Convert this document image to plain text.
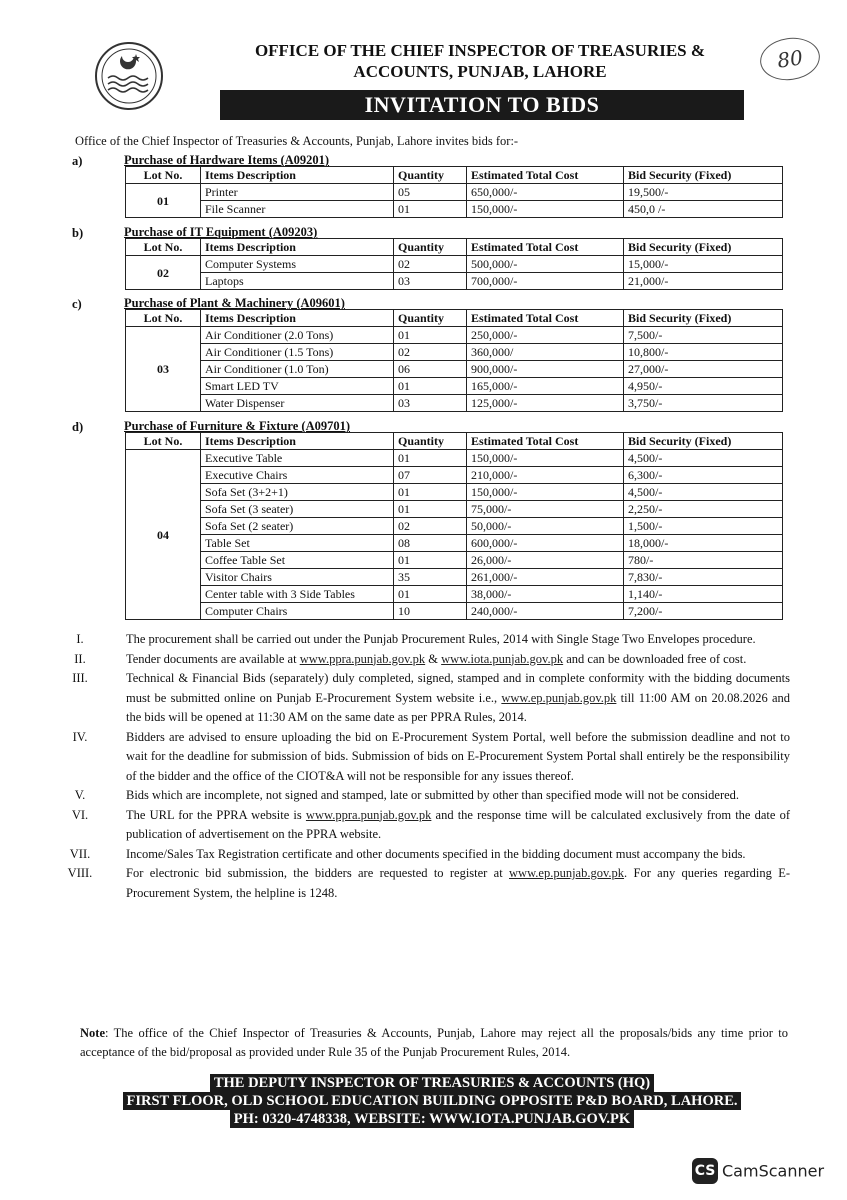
OFFICE OF THE CHIEF INSPECTOR OF TREASURIES &
ACCOUNTS, PUNJAB, LAHORE	80
INVITATION TO BIDS
Office of the Chief Inspector of Treasuries & Accounts, Punjab, Lahore invites bids for:-
a)	Purchase of Hardware Items (A09201)
Lot No.	Items Description	Quantity	Estimated Total Cost	Bid Security (Fixed)
01	Printer	05	650,000/-	19,500/-
	File Scanner	01	150,000/-	450,0 /-
b)	Purchase of IT Equipment (A09203)
Lot No.	Items Description	Quantity	Estimated Total Cost	Bid Security (Fixed)
02	Computer Systems	02	500,000/-	15,000/-
	Laptops	03	700,000/-	21,000/-
c)	Purchase of Plant & Machinery (A09601)
Lot No.	Items Description	Quantity	Estimated Total Cost	Bid Security (Fixed)
03	Air Conditioner (2.0 Tons)	01	250,000/-	7,500/-
	Air Conditioner (1.5 Tons)	02	360,000/	10,800/-
	Air Conditioner (1.0 Ton)	06	900,000/-	27,000/-
	Smart LED TV	01	165,000/-	4,950/-
	Water Dispenser	03	125,000/-	3,750/-
d)	Purchase of Furniture & Fixture (A09701)
Lot No.	Items Description	Quantity	Estimated Total Cost	Bid Security (Fixed)
04	Executive Table	01	150,000/-	4,500/-
	Executive Chairs	07	210,000/-	6,300/-
	Sofa Set (3+2+1)	01	150,000/-	4,500/-
	Sofa Set (3 seater)	01	75,000/-	2,250/-
	Sofa Set (2 seater)	02	50,000/-	1,500/-
	Table Set	08	600,000/-	18,000/-
	Coffee Table Set	01	26,000/-	780/-
	Visitor Chairs	35	261,000/-	7,830/-
	Center table with 3 Side Tables	01	38,000/-	1,140/-
	Computer Chairs	10	240,000/-	7,200/-
I.	The procurement shall be carried out under the Punjab Procurement Rules, 2014 with Single Stage Two Envelopes procedure.
II.	Tender documents are available at www.ppra.punjab.gov.pk & www.iota.punjab.gov.pk and can be downloaded free of cost.
III.	Technical & Financial Bids (separately) duly completed, signed, stamped and in complete conformity with the bidding documents must be submitted online on Punjab E-Procurement System website i.e., www.ep.punjab.gov.pk till 11:00 AM on 20.08.2026 and the bids will be opened at 11:30 AM on the same date as per PPRA Rules, 2014.
IV.	Bidders are advised to ensure uploading the bid on E-Procurement System Portal, well before the submission deadline and not to wait for the deadline for submission of bids. Submission of bids on E-Procurement System Portal shall entirely be the responsibility of the bidder and the office of the CIOT&A will not be responsible for any issues thereof.
V.	Bids which are incomplete, not signed and stamped, late or submitted by other than specified mode will not be considered.
VI.	The URL for the PPRA website is www.ppra.punjab.gov.pk and the response time will be calculated exclusively from the date of publication of advertisement on the PPRA website.
VII.	Income/Sales Tax Registration certificate and other documents specified in the bidding document must accompany the bids.
VIII.	For electronic bid submission, the bidders are requested to register at www.ep.punjab.gov.pk. For any queries regarding E-Procurement System, the helpline is 1248.
Note: The office of the Chief Inspector of Treasuries & Accounts, Punjab, Lahore may reject all the proposals/bids any time prior to acceptance of the bid/proposal as provided under Rule 35 of the Punjab Procurement Rules, 2014.
THE DEPUTY INSPECTOR OF TREASURIES & ACCOUNTS (HQ)
FIRST FLOOR, OLD SCHOOL EDUCATION BUILDING OPPOSITE P&D BOARD, LAHORE.
PH: 0320-4748338, WEBSITE: WWW.IOTA.PUNJAB.GOV.PK
CS CamScanner
